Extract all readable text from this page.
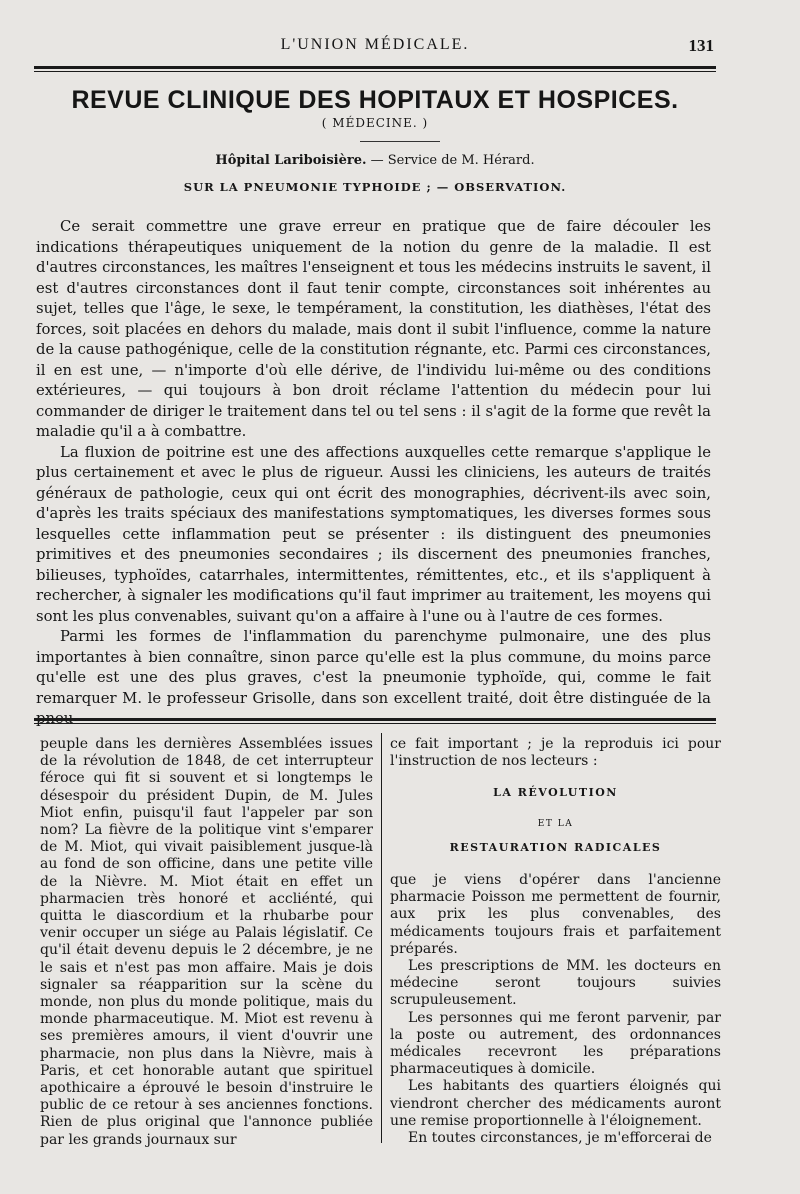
L'UNION MÉDICALE.	131
REVUE CLINIQUE DES HOPITAUX ET HOSPICES.
( MÉDECINE. )
Hôpital Lariboisière. — Service de M. Hérard.
SUR LA PNEUMONIE TYPHOIDE ; — OBSERVATION.

Ce serait commettre une grave erreur en pratique que de faire découler les indications thérapeutiques uniquement de la notion du genre de la maladie. Il est d'autres circonstances, les maîtres l'enseignent et tous les médecins instruits le savent, il est d'autres circonstances dont il faut tenir compte, circonstances soit inhérentes au sujet, telles que l'âge, le sexe, le tempérament, la constitution, les diathèses, l'état des forces, soit placées en dehors du malade, mais dont il subit l'influence, comme la nature de la cause pathogénique, celle de la constitution régnante, etc. Parmi ces circonstances, il en est une, — n'importe d'où elle dérive, de l'individu lui-même ou des conditions extérieures, — qui toujours à bon droit réclame l'attention du médecin pour lui commander de diriger le traitement dans tel ou tel sens : il s'agit de la forme que revêt la maladie qu'il a à combattre.

La fluxion de poitrine est une des affections auxquelles cette remarque s'applique le plus certainement et avec le plus de rigueur. Aussi les cliniciens, les auteurs de traités généraux de pathologie, ceux qui ont écrit des monographies, décrivent-ils avec soin, d'après les traits spéciaux des manifestations symptomatiques, les diverses formes sous lesquelles cette inflammation peut se présenter : ils distinguent des pneumonies primitives et des pneumonies secondaires ; ils discernent des pneumonies franches, bilieuses, typhoïdes, catarrhales, intermittentes, rémittentes, etc., et ils s'appliquent à rechercher, à signaler les modifications qu'il faut imprimer au traitement, les moyens qui sont les plus convenables, suivant qu'on a affaire à l'une ou à l'autre de ces formes.

Parmi les formes de l'inflammation du parenchyme pulmonaire, une des plus importantes à bien connaître, sinon parce qu'elle est la plus commune, du moins parce qu'elle est une des plus graves, c'est la pneumonie typhoïde, qui, comme le fait remarquer M. le professeur Grisolle, dans son excellent traité, doit être distinguée de la

peuple dans les dernières Assemblées issues de la révolution de 1848, de cet interrupteur féroce qui fit si souvent et si longtemps le désespoir du président Dupin, de M. Jules Miot enfin, puisqu'il faut l'appeler par son nom? La fièvre de la politique vint s'emparer de M. Miot, qui vivait paisiblement jusque-là au fond de son officine, dans une petite ville de la Nièvre. M. Miot était en effet un pharmacien très honoré et accliénté, qui quitta le diascordium et la rhubarbe pour venir occuper un siége au Palais législatif. Ce qu'il était devenu depuis le 2 décembre, je ne le sais et n'est pas mon affaire. Mais je dois signaler sa réapparition sur la scène du monde, non plus du monde politique, mais du monde pharmaceutique. M. Miot est revenu à ses premières amours, il vient d'ouvrir une pharmacie, non plus dans la Nièvre, mais à Paris, et cet honorable autant que spirituel apothicaire a éprouvé le besoin d'instruire le public de ce retour à ses anciennes fonctions. Rien de plus original que l'annonce publiée par les grands journaux sur

ce fait important ; je la reproduis ici pour l'instruction de nos lecteurs :

LA RÉVOLUTION
ET LA
RESTAURATION RADICALES

que je viens d'opérer dans l'ancienne pharmacie Poisson me permettent de fournir, aux prix les plus convenables, des médicaments toujours frais et parfaitement préparés.

Les prescriptions de MM. les docteurs en médecine seront toujours suivies scrupuleusement.

Les personnes qui me feront parvenir, par la poste ou autrement, des ordonnances médicales recevront les préparations pharmaceutiques à domicile.

Les habitants des quartiers éloignés qui viendront chercher des médicaments auront une remise proportionnelle à l'éloignement.

En toutes circonstances, je m'efforcerai de
